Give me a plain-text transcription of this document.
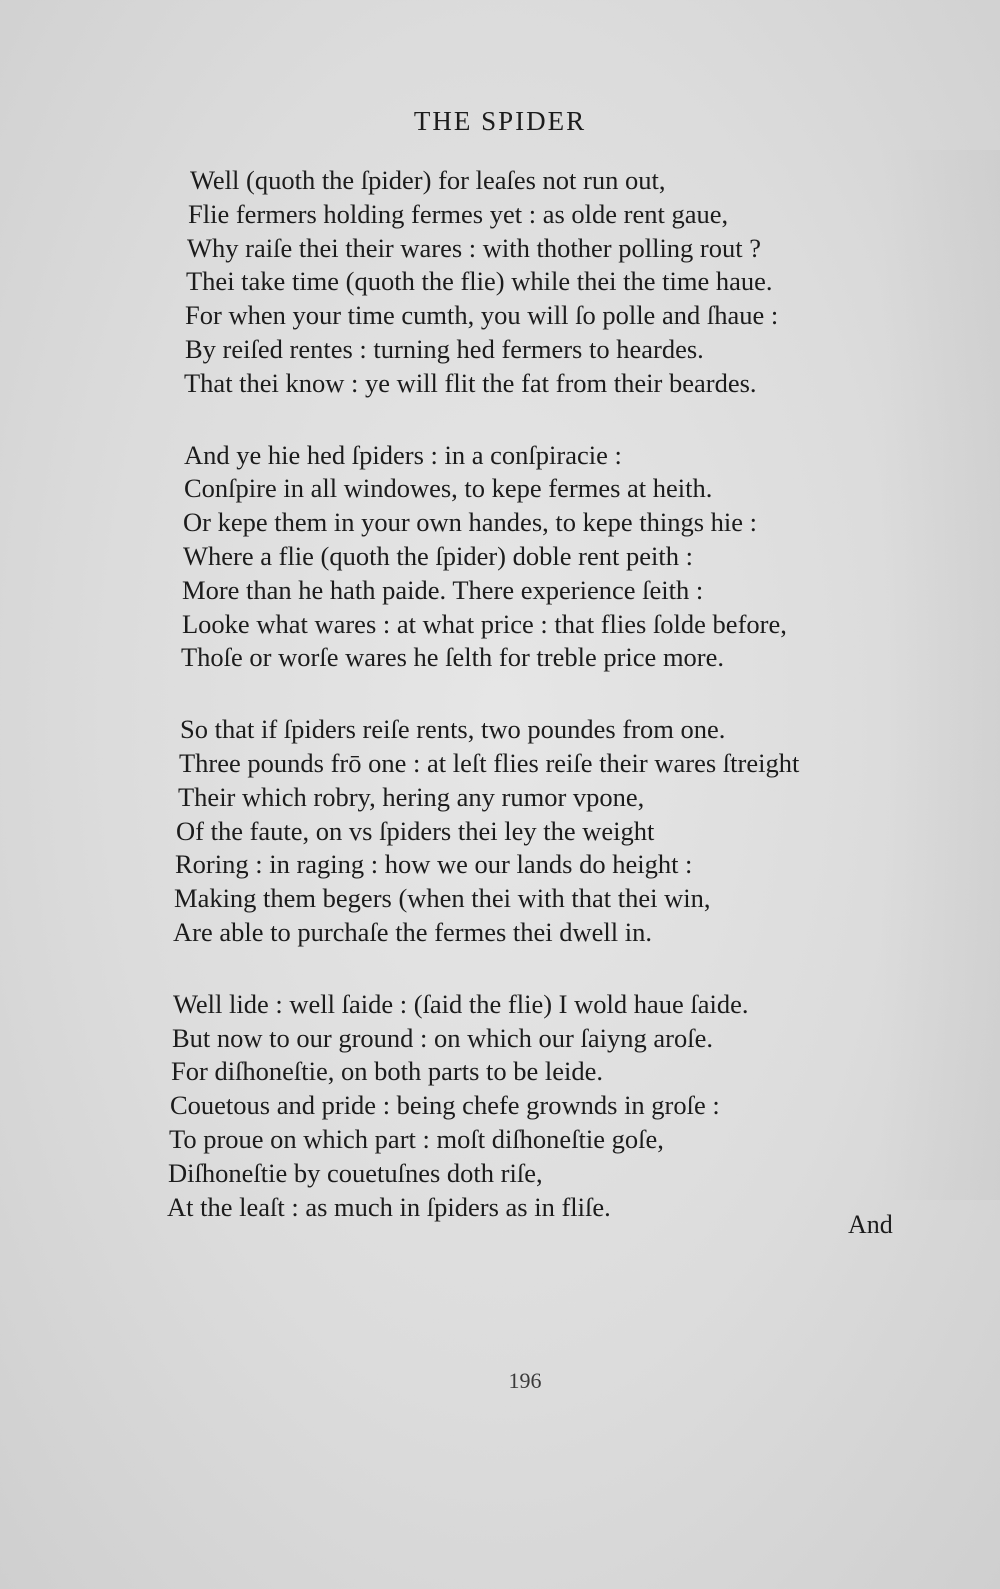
THE SPIDER
Well (quoth the ſpider) for leaſes not run out,
Flie fermers holding fermes yet : as olde rent gaue,
Why raiſe thei their wares : with thother polling rout ?
Thei take time (quoth the flie) while thei the time haue.
For when your time cumth, you will ſo polle and ſhaue :
By reiſed rentes : turning hed fermers to heardes.
That thei know : ye will flit the fat from their beardes.
And ye hie hed ſpiders : in a conſpiracie :
Conſpire in all windowes, to kepe fermes at heith.
Or kepe them in your own handes, to kepe things hie :
Where a flie (quoth the ſpider) doble rent peith :
More than he hath paide. There experience ſeith :
Looke what wares : at what price : that flies ſolde before,
Thoſe or worſe wares he ſelth for treble price more.
So that if ſpiders reiſe rents, two poundes from one.
Three pounds frō one : at leſt flies reiſe their wares ſtreight
Their which robry, hering any rumor vpone,
Of the faute, on vs ſpiders thei ley the weight
Roring : in raging : how we our lands do height :
Making them begers (when thei with that thei win,
Are able to purchaſe the fermes thei dwell in.
Well lide : well ſaide : (ſaid the flie) I wold haue ſaide.
But now to our ground : on which our ſaiyng aroſe.
For diſhoneſtie, on both parts to be leide.
Couetous and pride : being chefe grownds in groſe :
To proue on which part : moſt diſhoneſtie goſe,
Diſhoneſtie by couetuſnes doth riſe,
At the leaſt : as much in ſpiders as in fliſe.
And
196
